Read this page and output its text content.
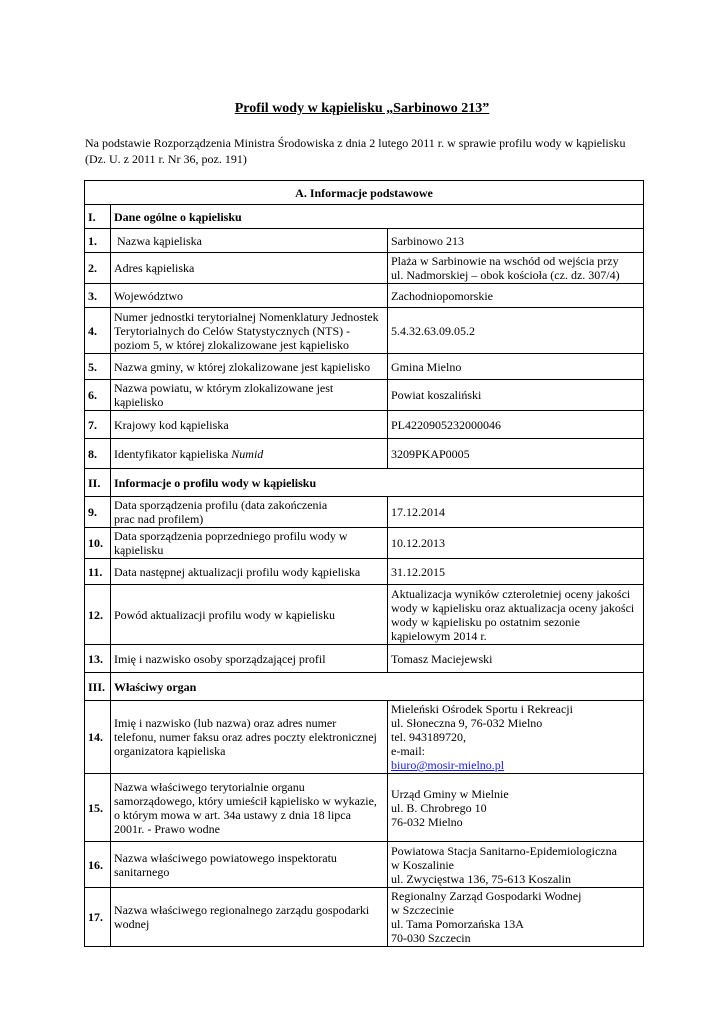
Profil wody w kąpielisku „Sarbinowo 213”
Na podstawie Rozporządzenia Ministra Środowiska z dnia 2 lutego 2011 r. w sprawie profilu wody w kąpielisku
(Dz. U. z 2011 r. Nr 36, poz. 191)
A. Informacje podstawowe		
I.	Dane ogólne o kąpielisku	
1.	Nazwa kąpieliska	Sarbinowo 213
2.	Adres kąpieliska	Plaża w Sarbinowie na wschód od wejścia przy
ul. Nadmorskiej – obok kościoła (cz. dz. 307/4)

3.	Województwo	Zachodniopomorskie
4.	Numer jednostki terytorialnej Nomenklatury Jednostek
Terytorialnych do Celów Statystycznych (NTS) -
poziom 5, w której zlokalizowane jest kąpielisko	5.4.32.63.09.05.2
5.	Nazwa gminy, w której zlokalizowane jest kąpielisko	Gmina Mielno
6.	Nazwa powiatu, w którym zlokalizowane jest
kąpielisko	Powiat koszaliński
7.	Krajowy kod kąpieliska	PL4220905232000046
8.	Identyfikator kąpieliska Numid	3209PKAP0005
II.	Informacje o profilu wody w kąpielisku	
9.	Data sporządzenia profilu (data zakończenia
prac nad profilem)	17.12.2014
10.	Data sporządzenia poprzedniego profilu wody w
kąpielisku	10.12.2013
11.	Data następnej aktualizacji profilu wody kąpieliska	31.12.2015
12.	Powód aktualizacji profilu wody w kąpielisku	Aktualizacja wyników czteroletniej oceny jakości
wody w kąpielisku oraz aktualizacja oceny jakości
wody w kąpielisku po ostatnim sezonie
kąpielowym 2014 r.

13.	Imię i nazwisko osoby sporządzającej profil	Tomasz Maciejewski
III.	Właściwy organ	
14.	Imię i nazwisko (lub nazwa) oraz adres numer
telefonu, numer faksu oraz adres poczty elektronicznej
organizatora kąpieliska	Mieleński Ośrodek Sportu i Rekreacji
ul. Słoneczna 9, 76-032 Mielno
tel. 943189720,
e-mail:
biuro@mosir-mielno.pl

15.	Nazwa właściwego terytorialnie organu
samorządowego, który umieścił kąpielisko w wykazie,
o którym mowa w art. 34a ustawy z dnia 18 lipca
2001r. - Prawo wodne	Urząd Gminy w Mielnie
ul. B. Chrobrego 10
76-032 Mielno

16.	Nazwa właściwego powiatowego inspektoratu
sanitarnego	Powiatowa Stacja Sanitarno-Epidemiologiczna
w Koszalinie
ul. Zwycięstwa 136, 75-613 Koszalin

17.	Nazwa właściwego regionalnego zarządu gospodarki
wodnej	Regionalny Zarząd Gospodarki Wodnej
w Szczecinie
ul. Tama Pomorzańska 13A
70-030 Szczecin
